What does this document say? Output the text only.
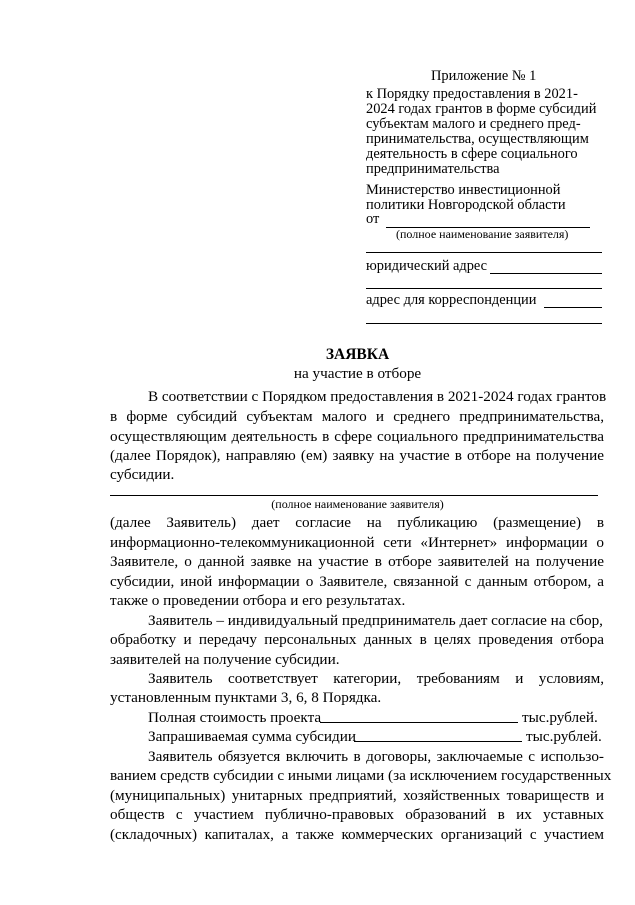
Приложение № 1
к Порядку предоставления в 2021-
2024 годах грантов в форме субсидий
субъектам малого и среднего пред-
принимательства, осуществляющим
деятельность в сфере социального
предпринимательства
Министерство инвестиционной
политики Новгородской области
от
(полное наименование заявителя)
юридический адрес
адрес для корреспонденции
ЗАЯВКА
на участие в отборе
В соответствии с Порядком предоставления в 2021-2024 годах грантов
в форме субсидий субъектам малого и среднего предпринимательства,
осуществляющим деятельность в сфере социального предпринимательства
(далее Порядок), направляю (ем) заявку на участие в отборе на получение
субсидии.
(полное наименование заявителя)
(далее Заявитель) дает согласие на публикацию (размещение) в
информационно-телекоммуникационной сети «Интернет» информации о
Заявителе, о данной заявке на участие в отборе заявителей на получение
субсидии, иной информации о Заявителе, связанной с данным отбором, а
также о проведении отбора и его результатах.
Заявитель – индивидуальный предприниматель дает согласие на сбор,
обработку и передачу персональных данных в целях проведения отбора
заявителей на получение субсидии.
Заявитель соответствует категории, требованиям и условиям,
установленным пунктами 3, 6, 8 Порядка.
Полная стоимость проекта	тыс.рублей.
Запрашиваемая сумма субсидии	тыс.рублей.
Заявитель обязуется включить в договоры, заключаемые с использо-
ванием средств субсидии с иными лицами (за исключением государственных
(муниципальных) унитарных предприятий, хозяйственных товариществ и
обществ с участием публично-правовых образований в их уставных
(складочных) капиталах, а также коммерческих организаций с участием
